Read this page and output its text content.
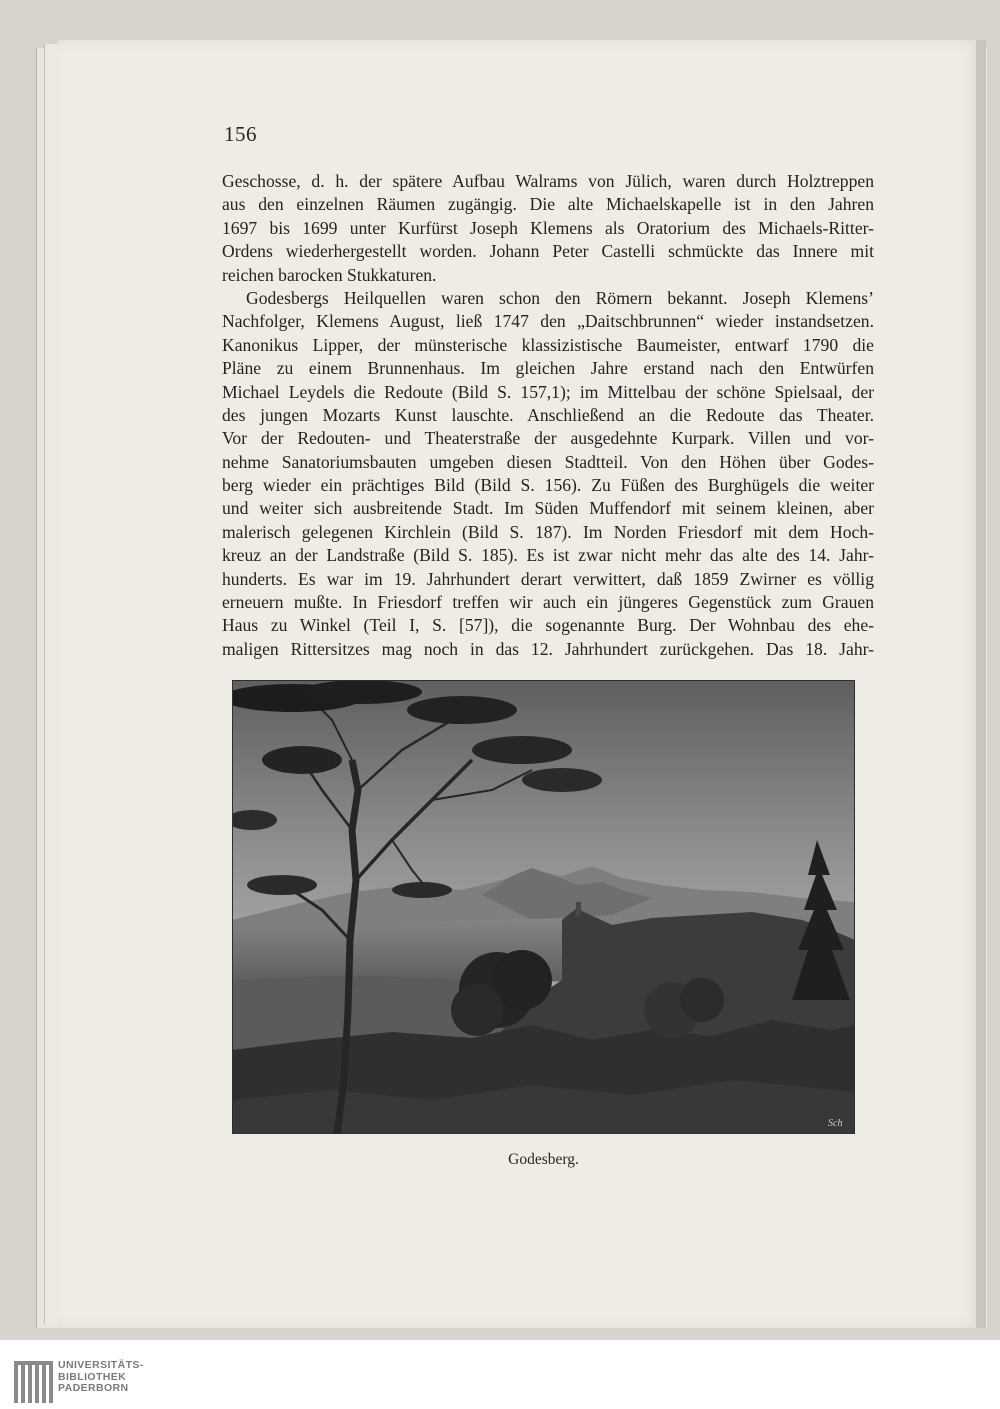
156
Geschosse, d. h. der spätere Aufbau Walrams von Jülich, waren durch Holztreppen
aus den einzelnen Räumen zugängig. Die alte Michaelskapelle ist in den Jahren
1697 bis 1699 unter Kurfürst Joseph Klemens als Oratorium des Michaels-Ritter-
Ordens wiederhergestellt worden. Johann Peter Castelli schmückte das Innere mit
reichen barocken Stukkaturen.
Godesbergs Heilquellen waren schon den Römern bekannt. Joseph Klemens’
Nachfolger, Klemens August, ließ 1747 den „Daitschbrunnen“ wieder instandsetzen.
Kanonikus Lipper, der münsterische klassizistische Baumeister, entwarf 1790 die
Pläne zu einem Brunnenhaus. Im gleichen Jahre erstand nach den Entwürfen
Michael Leydels die Redoute (Bild S. 157,1); im Mittelbau der schöne Spielsaal, der
des jungen Mozarts Kunst lauschte. Anschließend an die Redoute das Theater.
Vor der Redouten- und Theaterstraße der ausgedehnte Kurpark. Villen und vor-
nehme Sanatoriumsbauten umgeben diesen Stadtteil. Von den Höhen über Godes-
berg wieder ein prächtiges Bild (Bild S. 156). Zu Füßen des Burghügels die weiter
und weiter sich ausbreitende Stadt. Im Süden Muffendorf mit seinem kleinen, aber
malerisch gelegenen Kirchlein (Bild S. 187). Im Norden Friesdorf mit dem Hoch-
kreuz an der Landstraße (Bild S. 185). Es ist zwar nicht mehr das alte des 14. Jahr-
hunderts. Es war im 19. Jahrhundert derart verwittert, daß 1859 Zwirner es völlig
erneuern mußte. In Friesdorf treffen wir auch ein jüngeres Gegenstück zum Grauen
Haus zu Winkel (Teil I, S. [57]), die sogenannte Burg. Der Wohnbau des ehe-
maligen Rittersitzes mag noch in das 12. Jahrhundert zurückgehen. Das 18. Jahr-
Sch
Godesberg.
UNIVERSITÄTS-
BIBLIOTHEK
PADERBORN
